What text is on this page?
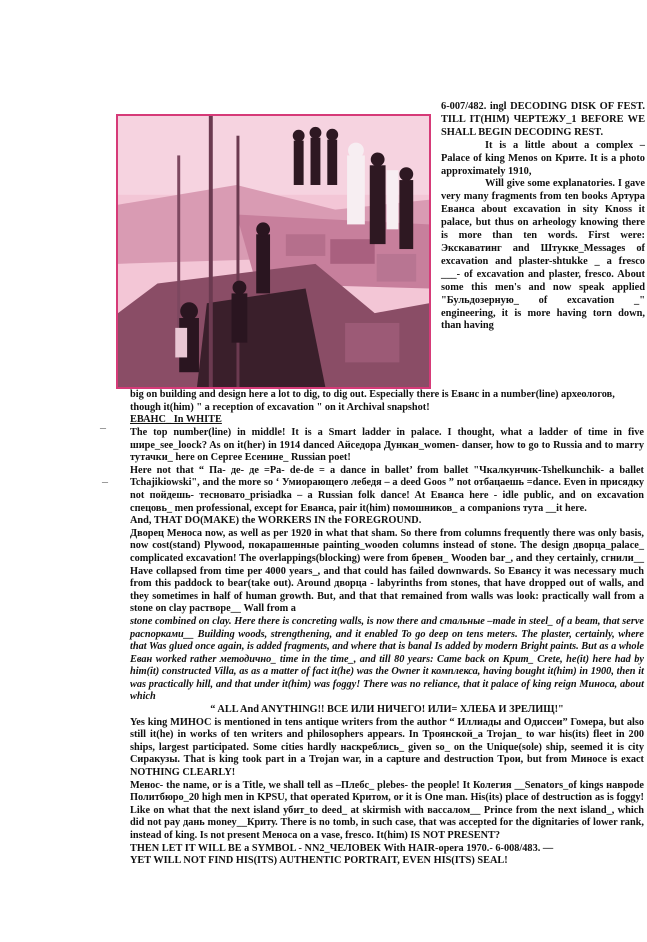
6-007/482. ingl DECODING DISK OF FEST. TILL IT(HIM) ЧЕРТЕЖУ_1 BEFORE WE SHALL BEGIN DECODING REST.

It is a little about a complex – Palace of king Menos on Крите. It is a photo approximately 1910,

Will give some explanatories. I gave very many fragments from ten books Артура Еванса about excavation in sity Knoss it palace, but thus on arheology knowing there is more than ten words. First were: Экскаватинг and Штукке_Messages of excavation and plaster-shtukke _ a fresco ___- of excavation and plaster, fresco. About some this men's and now speak applied "Бульдозерную_ of excavation _" engineering, it is more having torn down, than having

big on building and design here a lot to dig, to dig out. Especially there is Еванс in a number(line) археологов, though it(him) " a reception of excavation " on it Archival snapshot!

ЕВАНС_ In WHITE

The top number(line) in middle! It is a Smart ladder in palace. I thought, what a ladder of time in five шире_see_loock? As on it(her) in 1914 danced Айседора Дункан_women- danser, how to go to Russia and to marry тутачки_ here on Сергее Есенине_ Russian poet!

Here not that “ Па- де- де =Pa- de-de = a dance in ballet’ from ballet "Чкалкунчик-Tshelkunchik- a ballet Tchajikiowski", and the more so ‘ Умиорающего лебедя – a deed Goos ” not отбацаешь =dance. Even in присядку not пойдешь- тесновато_prisiadka – a Russian folk dance! At Еванса here - idle public, and on excavation спецовь_ men professional, except for Еванса, pair it(him) помошников_ a companions тута __it here.

And, THAT DO(MAKE) the WORKERS IN the FOREGROUND.

Дворец Меноса now, as well as per 1920 in what that sham. So there from columns frequently there was only basis, now cost(stand) Plywood, покарашенные painting_wooden columns instead of stone. The design дворца_palace_ complicated excavation! The overlappings(blocking) were from бревен_ Wooden bar_, and they certainly, сгнили__ Have collapsed from time per 4000 years_, and that could has failed downwards. So Евансу it was necessary much from this paddock to bear(take out). Around дворца - labyrinths from stones, that have dropped out of walls, and they sometimes in half of human growth. But, and that that remained from walls was look: practically wall from a stone on clay растворе__ Wall from a

stone combined on clay. Here there is concreting walls, is now there and стальные –made in steel_ of a beam, that serve распорками__ Building woods, strengthening, and it enabled To go deep on tens meters. The plaster, certainly, where that Was glued once again, is added fragments, and where that is banal Is added by modern Bright paints. But as a whole Еван worked rather методично_ time in the time_, and till 80 years: Came back on Крит_ Crete, he(it) here had by him(it) constructed Villa, as as a matter of fact it(he) was the Owner it комплекса, having bought it(him) in 1900, then it was practically hill, and that under it(him) was foggy! There was no reliance, that it palace of king reign Миноса, about which

“ ALL And ANYTHING!! ВСЕ ИЛИ НИЧЕГО! ИЛИ= ХЛЕБА И ЗРЕЛИЩ!"

Yes king МИНОС is mentioned in tens antique writers from the author “ Иллиады and Одиссеи” Гомера, but also still it(he) in works of ten writers and philosophers appears. In Троянской_a Trojan_ to war his(its) fleet in 200 ships, largest participated. Some cities hardly наскреблись_ given so_ on the Unique(sole) ship, seemed it is city Сиракузы. That is king took part in a Trojan war, in a capture and destruction Трои, but from Миносе is exact NOTHING CLEARLY!

Менос- the name, or is a Title, we shall tell as –Плебс_ plebes- the people! It Колегия __Senators_of kings наврode Политбюро_20 high men in KPSU, that operated Критом, or it is One man. His(its) place of destruction as is foggy! Like on what that the next island убит_to deed_ at skirmish with вассалом__ Prince from the next island_, which did not pay дань money__Криту. There is no tomb, in such case, that was accepted for the dignitaries of lower rank, instead of king. Is not present Меноса on a vase, fresco. It(him) IS NOT PRESENT?

THEN LET IT WILL BE a SYMBOL - NN2_ЧЕЛОВЕК With HAIR-opera 1970.- 6-008/483. —

YET WILL NOT FIND HIS(ITS) AUTHENTIC PORTRAIT, EVEN HIS(ITS) SEAL!

‒
‒
